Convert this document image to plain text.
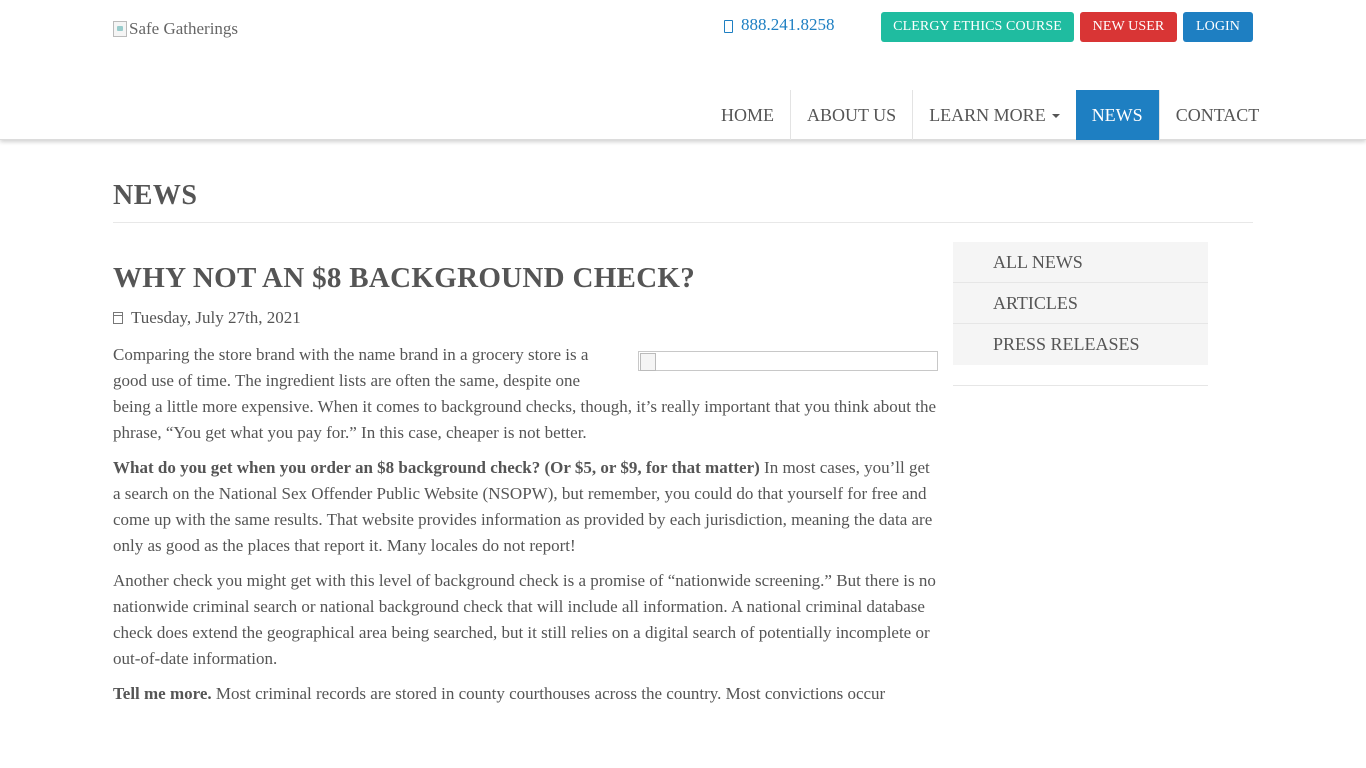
Safe Gatherings	888.241.8258	CLERGY ETHICS COURSE	NEW USER	LOGIN
HOME	ABOUT US	LEARN MORE	NEWS	CONTACT
NEWS
WHY NOT AN $8 BACKGROUND CHECK?
Tuesday, July 27th, 2021

Comparing the store brand with the name brand in a grocery store is a good use of time. The ingredient lists are often the same, despite one being a little more expensive. When it comes to background checks, though, it’s really important that you think about the phrase, “You get what you pay for.” In this case, cheaper is not better.

What do you get when you order an $8 background check? (Or $5, or $9, for that matter) In most cases, you’ll get a search on the National Sex Offender Public Website (NSOPW), but remember, you could do that yourself for free and come up with the same results. That website provides information as provided by each jurisdiction, meaning the data are only as good as the places that report it. Many locales do not report!

Another check you might get with this level of background check is a promise of “nationwide screening.” But there is no nationwide criminal search or national background check that will include all information. A national criminal database check does extend the geographical area being searched, but it still relies on a digital search of potentially incomplete or out-of-date information.

Tell me more. Most criminal records are stored in county courthouses across the country. Most convictions occur

ALL NEWS
ARTICLES
PRESS RELEASES
